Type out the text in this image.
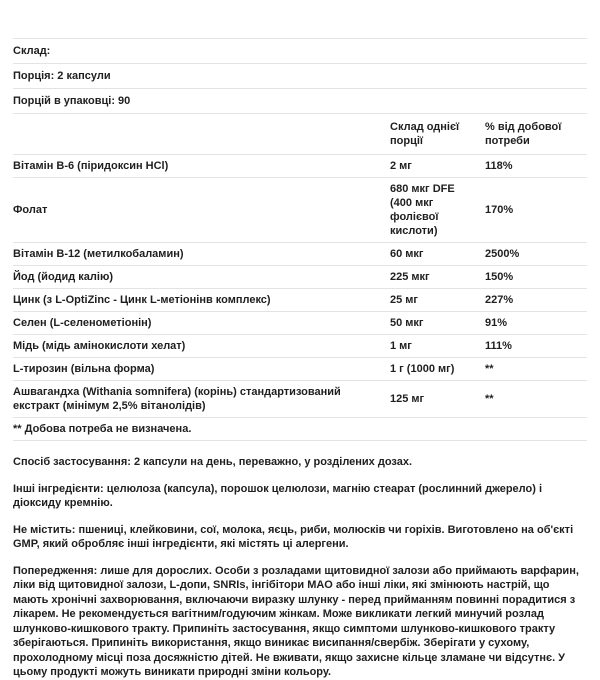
Склад:
Порція: 2 капсули
Порцій в упаковці: 90
	Склад однієї порції	% від добової потреби
Вітамін B-6 (піридоксин HCl)	2 мг	118%
Фолат	680 мкг DFE (400 мкг фолієвої кислоти)	170%
Вітамін B-12 (метилкобаламин)	60 мкг	2500%
Йод (йодид калію)	225 мкг	150%
Цинк (з L-OptiZinc - Цинк L-метіонінв комплекс)	25 мг	227%
Селен (L-селенометіонін)	50 мкг	91%
Мідь (мідь амінокислоти хелат)	1 мг	111%
L-тирозин (вільна форма)	1 г (1000 мг)	**
Ашвагандха (Withania somnifera) (корінь) стандартизований екстракт (мінімум 2,5% вітанолідів)	125 мг	**
** Добова потреба не визначена.		

Спосіб застосування: 2 капсули на день, переважно, у розділених дозах.

Інші інгредієнти: целюлоза (капсула), порошок целюлози, магнію стеарат (рослинний джерело) і діоксиду кремнію.

Не містить: пшениці, клейковини, сої, молока, яєць, риби, молюсків чи горіхів. Виготовлено на об'єкті GMP, який обробляє інші інгредієнти, які містять ці алергени.

Попередження: лише для дорослих. Особи з розладами щитовидної залози або приймають варфарин, ліки від щитовидної залози, L-допи, SNRIs, інгібітори МАО або інші ліки, які змінюють настрій, що мають хронічні захворювання, включаючи виразку шлунку - перед прийманням повинні порадитися з лікарем. Не рекомендується вагітним/годуючим жінкам. Може викликати легкий минучий розлад шлунково-кишкового тракту. Припиніть застосування, якщо симптоми шлунково-кишкового тракту зберігаються. Припиніть використання, якщо виникає висипання/свербіж. Зберігати у сухому, прохолодному місці поза досяжністю дітей. Не вживати, якщо захисне кільце зламане чи відсутнє. У цьому продукті можуть виникати природні зміни кольору.
